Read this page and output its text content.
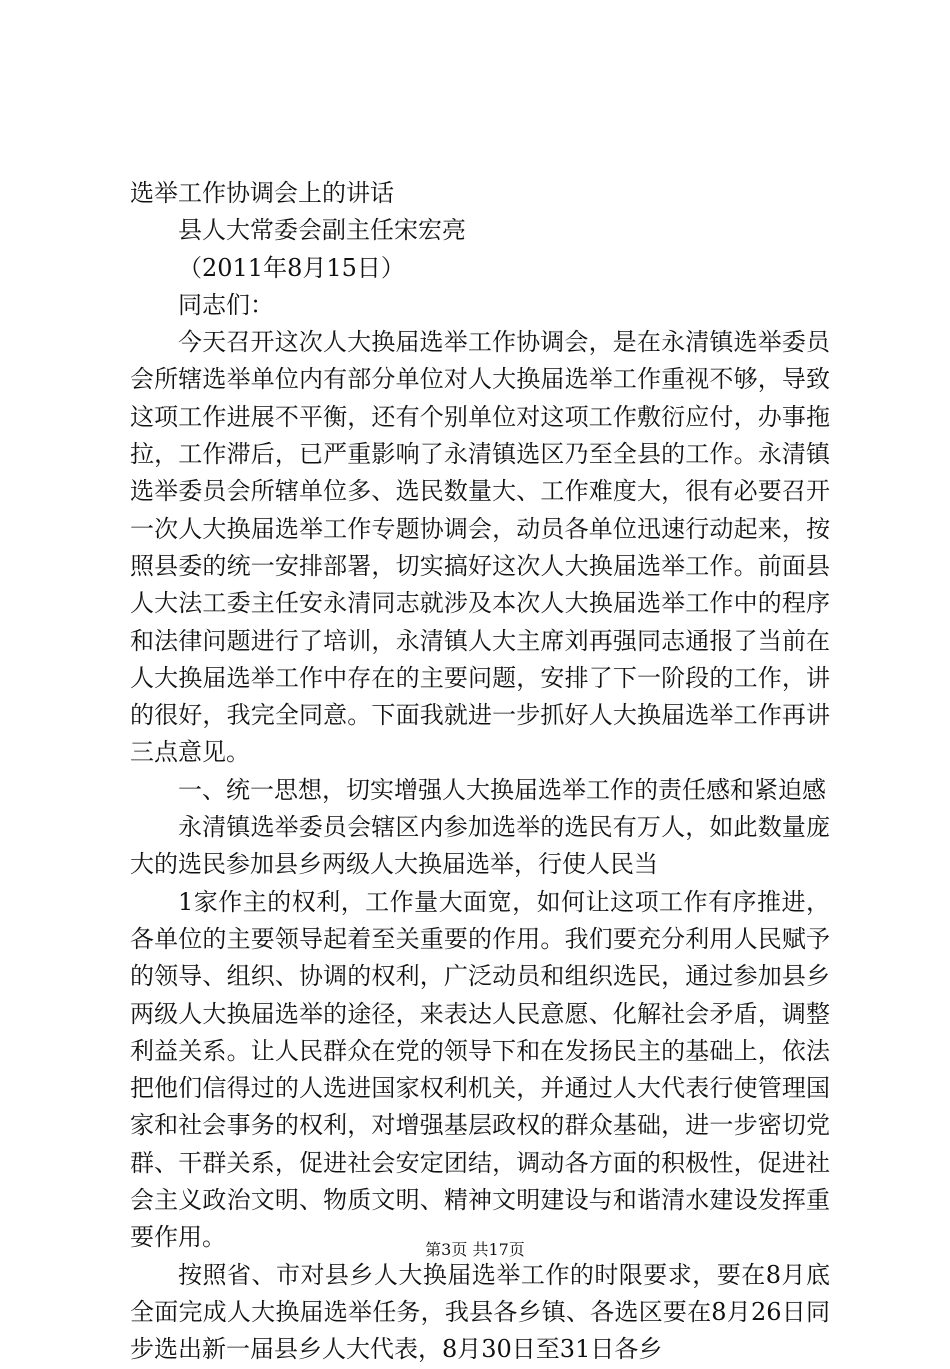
选举工作协调会上的讲话

县人大常委会副主任宋宏亮

（2011年8月15日）

同志们：

今天召开这次人大换届选举工作协调会，是在永清镇选举委员会所辖选举单位内有部分单位对人大换届选举工作重视不够，导致这项工作进展不平衡，还有个别单位对这项工作敷衍应付，办事拖拉，工作滞后，已严重影响了永清镇选区乃至全县的工作。永清镇选举委员会所辖单位多、选民数量大、工作难度大，很有必要召开一次人大换届选举工作专题协调会，动员各单位迅速行动起来，按照县委的统一安排部署，切实搞好这次人大换届选举工作。前面县人大法工委主任安永清同志就涉及本次人大换届选举工作中的程序和法律问题进行了培训，永清镇人大主席刘再强同志通报了当前在人大换届选举工作中存在的主要问题，安排了下一阶段的工作，讲的很好，我完全同意。下面我就进一步抓好人大换届选举工作再讲三点意见。

一、统一思想，切实增强人大换届选举工作的责任感和紧迫感

永清镇选举委员会辖区内参加选举的选民有万人，如此数量庞大的选民参加县乡两级人大换届选举，行使人民当

1家作主的权利，工作量大面宽，如何让这项工作有序推进，各单位的主要领导起着至关重要的作用。我们要充分利用人民赋予的领导、组织、协调的权利，广泛动员和组织选民，通过参加县乡两级人大换届选举的途径，来表达人民意愿、化解社会矛盾，调整利益关系。让人民群众在党的领导下和在发扬民主的基础上，依法把他们信得过的人选进国家权利机关，并通过人大代表行使管理国家和社会事务的权利，对增强基层政权的群众基础，进一步密切党群、干群关系，促进社会安定团结，调动各方面的积极性，促进社会主义政治文明、物质文明、精神文明建设与和谐清水建设发挥重要作用。

按照省、市对县乡人大换届选举工作的时限要求，要在8月底全面完成人大换届选举任务，我县各乡镇、各选区要在8月26日同步选出新一届县乡人大代表，8月30日至31日各乡

第3页 共17页
